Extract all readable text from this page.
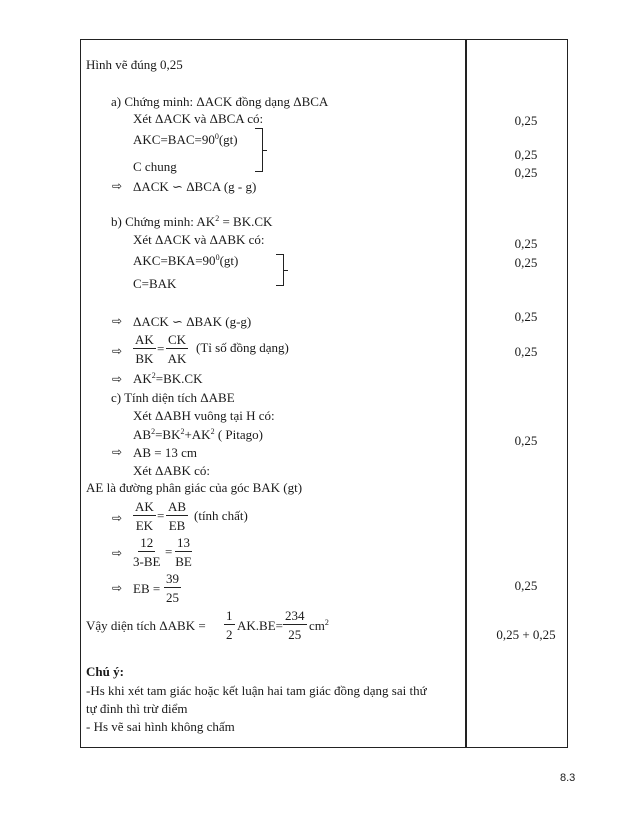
Hình vẽ đúng 0,25
a) Chứng minh: ΔACK đồng dạng ΔBCA
Xét ΔACK và ΔBCA có:
$AKC=BAC=90^0(gt)$
C chung
⇨ ΔACK ∽ ΔBCA (g - g)
b) Chứng minh: $AK^2 = BK.CK$
Xét ΔACK và ΔABK có:
$AKC=BKA=90^0(gt)$
C=BAK
⇨ ΔACK ∽ ΔBAK (g-g)
⇨ $\frac{AK}{BK} = \frac{CK}{AK}$ (Tỉ số đồng dạng)
⇨ $AK^2=BK.CK$
c) Tính diện tích ΔABE
Xét ΔABH vuông tại H có:
$AB^2=BK^2+AK^2$ ( Pitago)
⇨ AB = 13 cm
Xét ΔABK có:
AE là đường phân giác của góc BAK (gt)
⇨ $\frac{AK}{EK} = \frac{AB}{EB}$ (tính chất)
⇨ $\frac{12}{3-BE} = \frac{13}{BE}$
⇨ EB = $\frac{39}{25}$
Vậy diện tích $\Delta ABK = \frac{1}{2} AK.BE= \frac{234}{25} cm^2$
Chú ý:
-Hs khi xét tam giác hoặc kết luận hai tam giác đồng dạng sai thứ
tự đỉnh thì trừ điểm
- Hs vẽ sai hình không chấm
0,25
0,25
0,25
0,25
0,25
0,25
0,25
0,25
0,25
0,25 + 0,25
8.3
